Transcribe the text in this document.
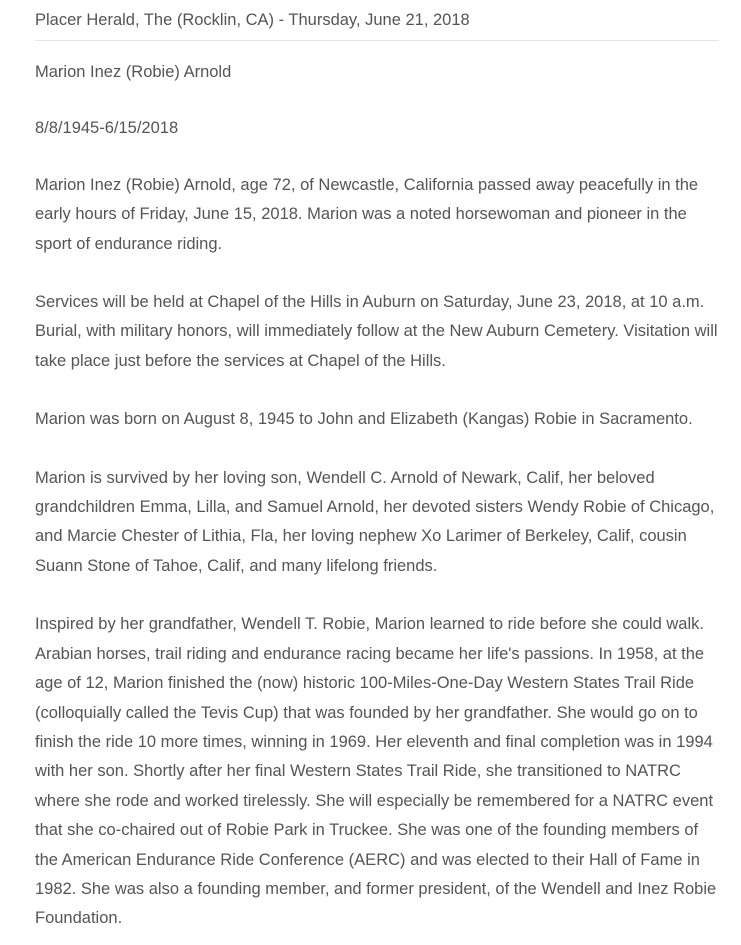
Placer Herald, The (Rocklin, CA) - Thursday, June 21, 2018

Marion Inez (Robie) Arnold

8/8/1945-6/15/2018

Marion Inez (Robie) Arnold, age 72, of Newcastle, California passed away peacefully in the early hours of Friday, June 15, 2018. Marion was a noted horsewoman and pioneer in the sport of endurance riding.

Services will be held at Chapel of the Hills in Auburn on Saturday, June 23, 2018, at 10 a.m. Burial, with military honors, will immediately follow at the New Auburn Cemetery. Visitation will take place just before the services at Chapel of the Hills.

Marion was born on August 8, 1945 to John and Elizabeth (Kangas) Robie in Sacramento.

Marion is survived by her loving son, Wendell C. Arnold of Newark, Calif, her beloved grandchildren Emma, Lilla, and Samuel Arnold, her devoted sisters Wendy Robie of Chicago, and Marcie Chester of Lithia, Fla, her loving nephew Xo Larimer of Berkeley, Calif, cousin Suann Stone of Tahoe, Calif, and many lifelong friends.

Inspired by her grandfather, Wendell T. Robie, Marion learned to ride before she could walk. Arabian horses, trail riding and endurance racing became her life's passions. In 1958, at the age of 12, Marion finished the (now) historic 100-Miles-One-Day Western States Trail Ride (colloquially called the Tevis Cup) that was founded by her grandfather. She would go on to finish the ride 10 more times, winning in 1969. Her eleventh and final completion was in 1994 with her son. Shortly after her final Western States Trail Ride, she transitioned to NATRC where she rode and worked tirelessly. She will especially be remembered for a NATRC event that she co-chaired out of Robie Park in Truckee. She was one of the founding members of the American Endurance Ride Conference (AERC) and was elected to their Hall of Fame in 1982. She was also a founding member, and former president, of the Wendell and Inez Robie Foundation.
